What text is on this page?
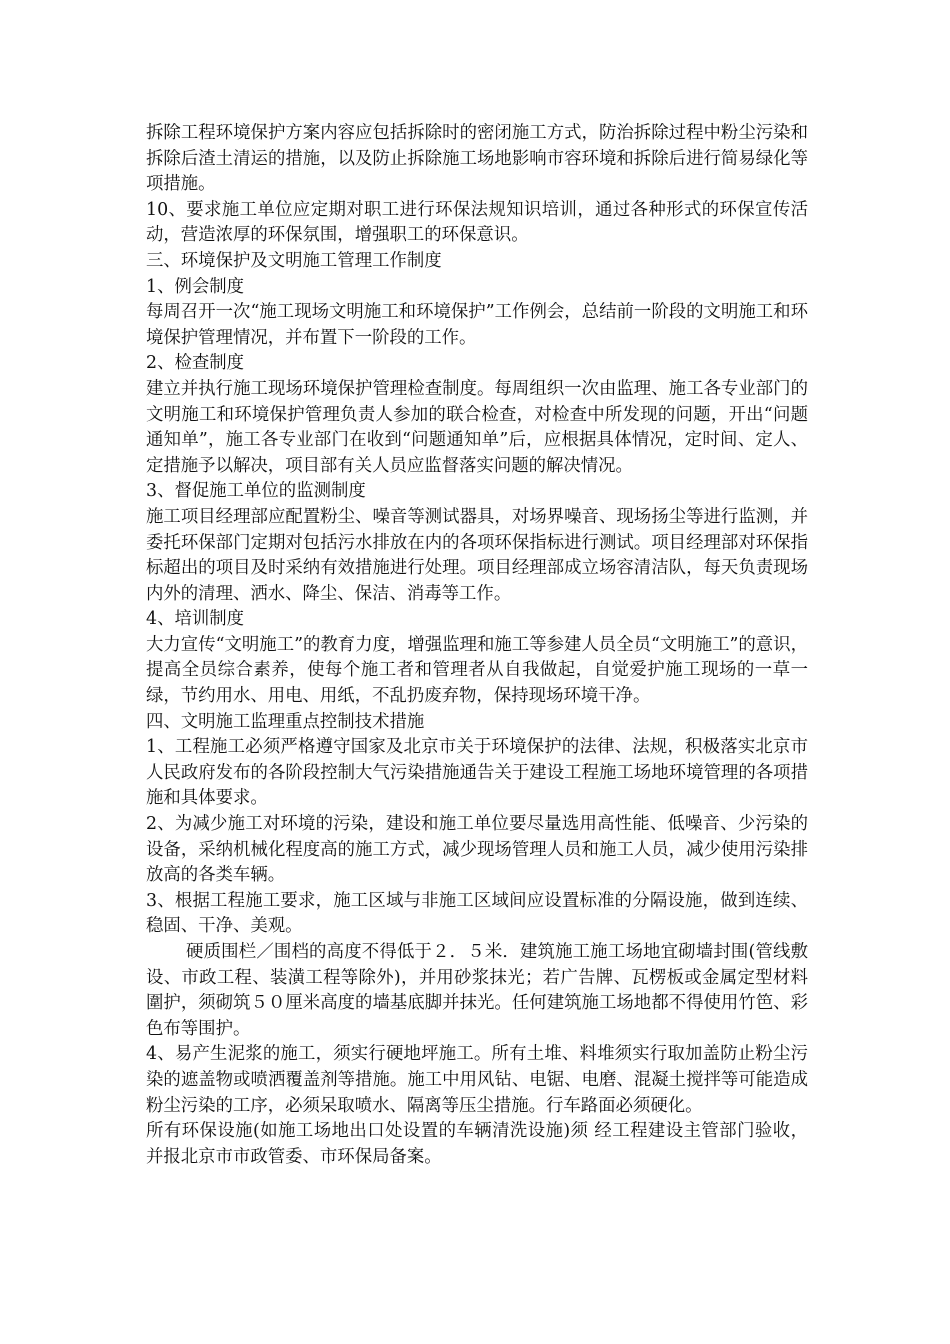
拆除工程环境保护方案内容应包括拆除时的密闭施工方式，防治拆除过程中粉尘污染和拆除后渣土清运的措施，以及防止拆除施工场地影响市容环境和拆除后进行简易绿化等项措施。

10、要求施工单位应定期对职工进行环保法规知识培训，通过各种形式的环保宣传活动，营造浓厚的环保氛围，增强职工的环保意识。

三、环境保护及文明施工管理工作制度

1、例会制度

每周召开一次“施工现场文明施工和环境保护”工作例会，总结前一阶段的文明施工和环境保护管理情况，并布置下一阶段的工作。

2、检查制度

建立并执行施工现场环境保护管理检查制度。每周组织一次由监理、施工各专业部门的文明施工和环境保护管理负责人参加的联合检查，对检查中所发现的问题，开出“问题通知单”，施工各专业部门在收到“问题通知单”后，应根据具体情况，定时间、定人、定措施予以解决，项目部有关人员应监督落实问题的解决情况。

3、督促施工单位的监测制度

施工项目经理部应配置粉尘、噪音等测试器具，对场界噪音、现场扬尘等进行监测，并委托环保部门定期对包括污水排放在内的各项环保指标进行测试。项目经理部对环保指标超出的项目及时采纳有效措施进行处理。项目经理部成立场容清洁队，每天负责现场内外的清理、洒水、降尘、保洁、消毒等工作。

4、培训制度

大力宣传“文明施工”的教育力度，增强监理和施工等参建人员全员“文明施工”的意识，提高全员综合素养，使每个施工者和管理者从自我做起，自觉爱护施工现场的一草一绿，节约用水、用电、用纸，不乱扔废弃物，保持现场环境干净。

四、文明施工监理重点控制技术措施

1、工程施工必须严格遵守国家及北京市关于环境保护的法律、法规，积极落实北京市人民政府发布的各阶段控制大气污染措施通告关于建设工程施工场地环境管理的各项措施和具体要求。

2、为减少施工对环境的污染，建设和施工单位要尽量选用高性能、低噪音、少污染的设备，采纳机械化程度高的施工方式，减少现场管理人员和施工人员，减少使用污染排放高的各类车辆。

3、根据工程施工要求，施工区域与非施工区域间应设置标准的分隔设施，做到连续、稳固、干净、美观。

硬质围栏／围档的高度不得低于２．５米．建筑施工施工场地宜砌墙封围(管线敷设、市政工程、装潢工程等除外)，并用砂浆抹光；若广告牌、瓦楞板或金属定型材料圍护，须砌筑５０厘米高度的墙基底脚并抹光。任何建筑施工场地都不得使用竹笆、彩色布等围护。

4、易产生泥浆的施工，须实行硬地坪施工。所有土堆、料堆须实行取加盖防止粉尘污染的遮盖物或喷洒覆盖剂等措施。施工中用风钻、电锯、电磨、混凝土搅拌等可能造成粉尘污染的工序，必须呆取喷水、隔离等压尘措施。行车路面必须硬化。

所有环保设施(如施工场地出口处设置的车辆清洗设施)须 经工程建设主管部门验收，并报北京市市政管委、市环保局备案。
